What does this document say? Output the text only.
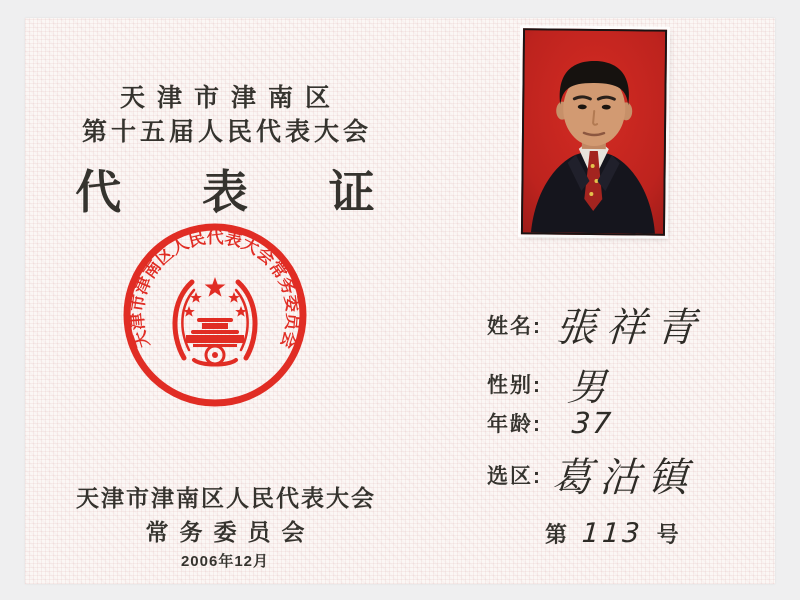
天津市津南区
第十五届人民代表大会
代 表 证
天津市津南区人民代表大会常务委员会
天津市津南区人民代表大会
常务委员会
2006年12月
姓名: 張祥青
性别: 男
年龄: 37
选区: 葛沽镇
第 113 号
